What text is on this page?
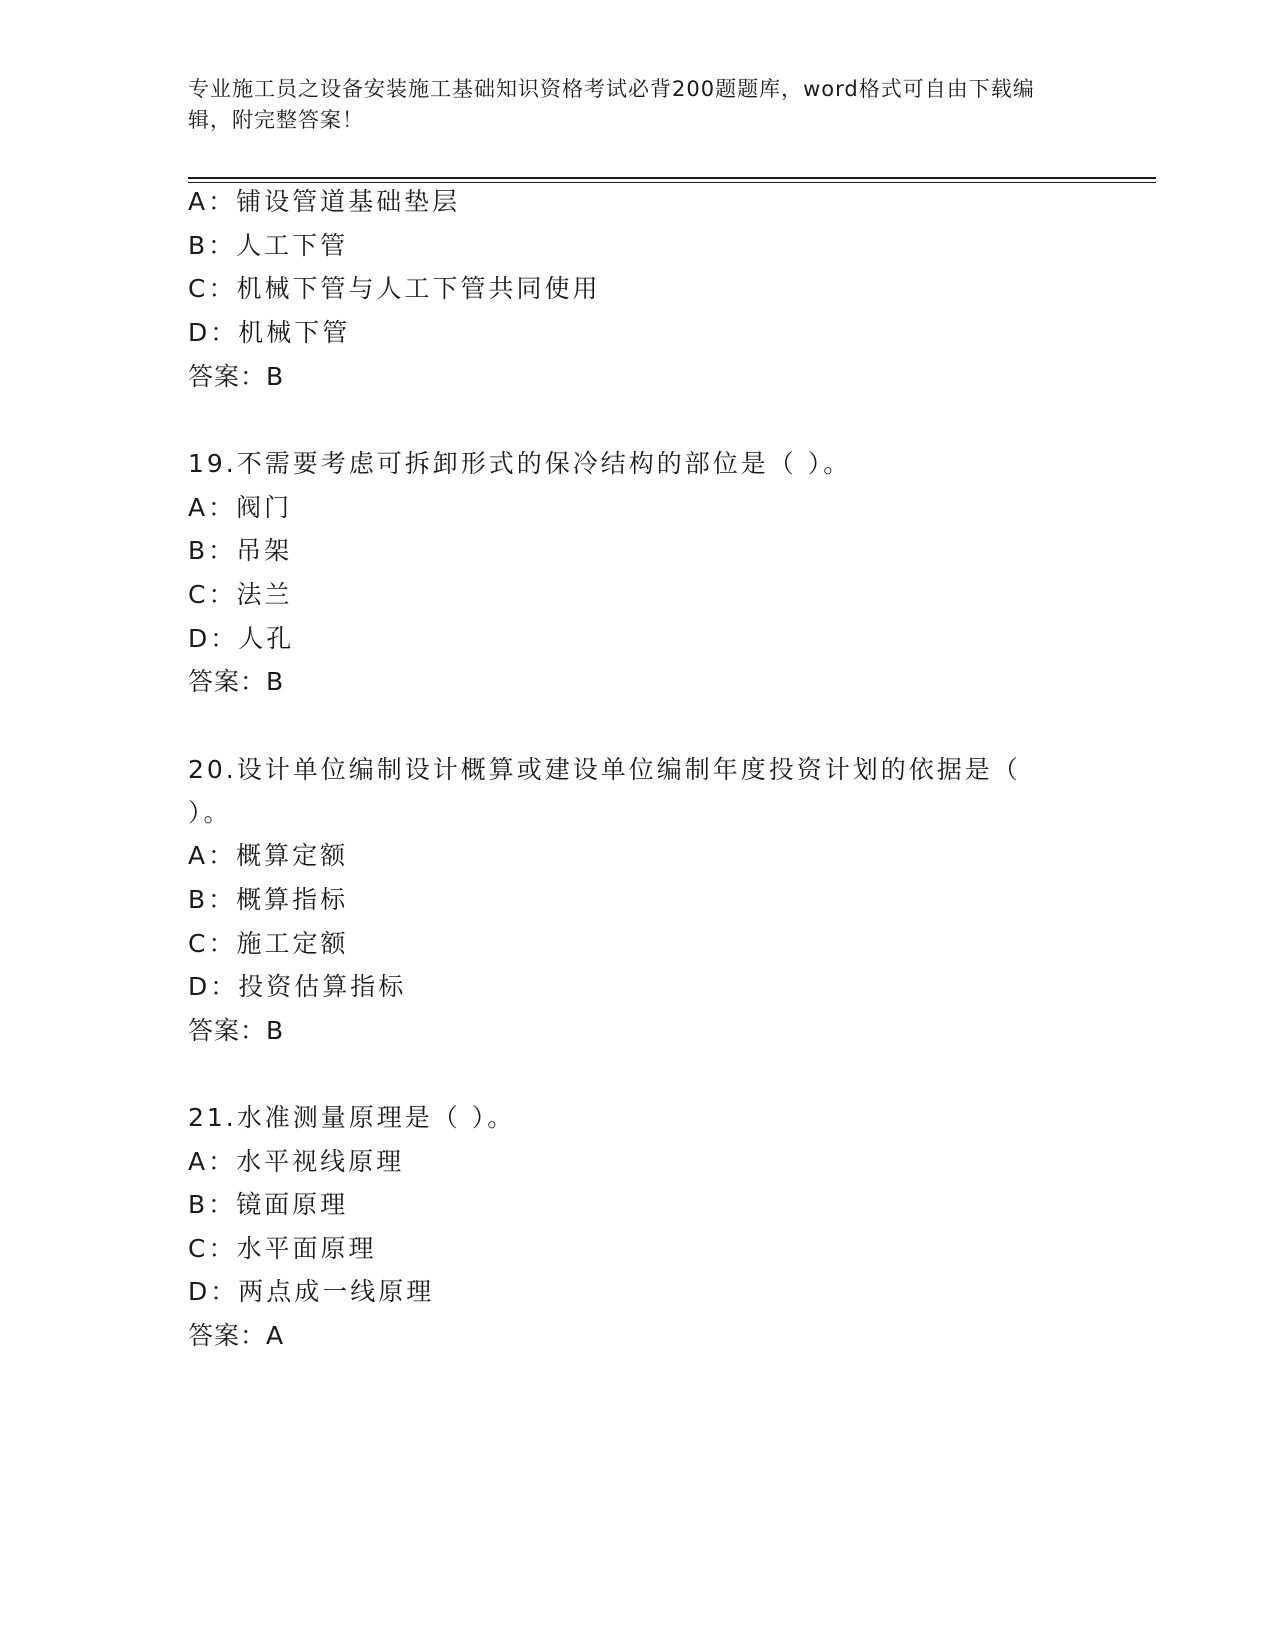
专业施工员之设备安装施工基础知识资格考试必背200题题库，word格式可自由下载编辑，附完整答案！
A：铺设管道基础垫层
B：人工下管
C：机械下管与人工下管共同使用
D：机械下管
答案：B
19.不需要考虑可拆卸形式的保冷结构的部位是（ ）。
A：阀门
B：吊架
C：法兰
D：人孔
答案：B
20.设计单位编制设计概算或建设单位编制年度投资计划的依据是（
）。
A：概算定额
B：概算指标
C：施工定额
D：投资估算指标
答案：B
21.水准测量原理是（ ）。
A：水平视线原理
B：镜面原理
C：水平面原理
D：两点成一线原理
答案：A
